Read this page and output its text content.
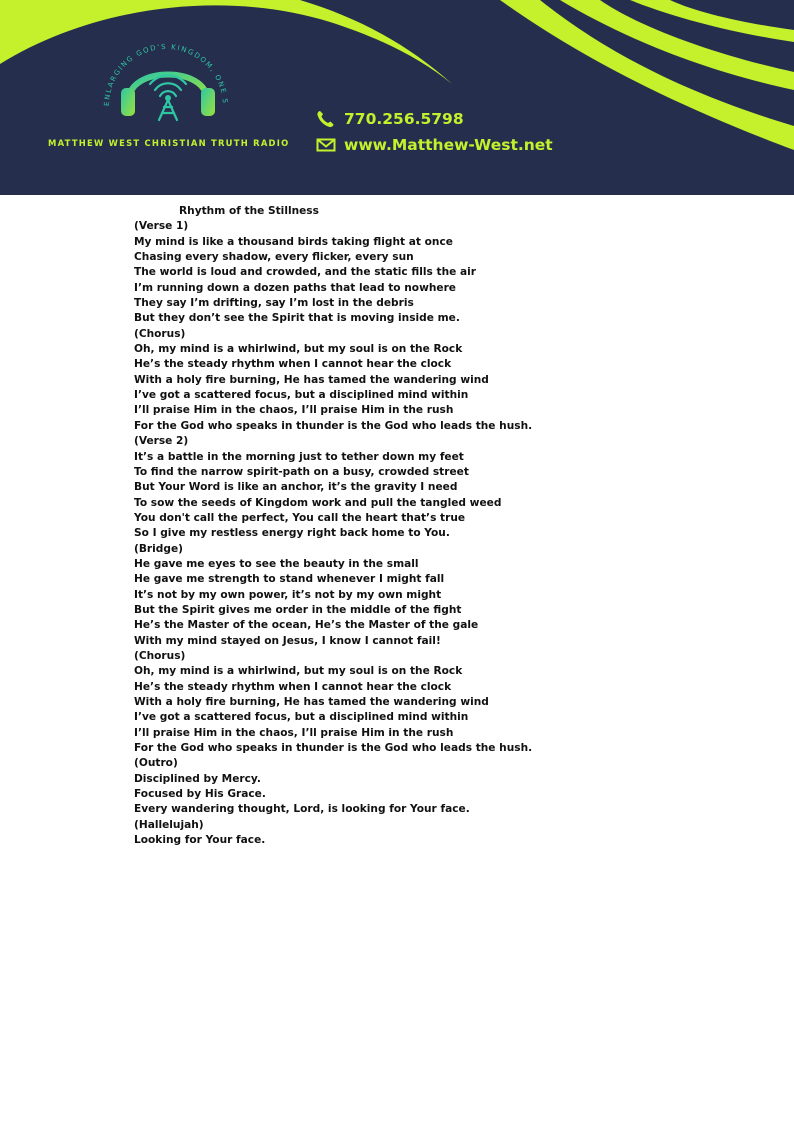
ENLARGING GOD'S KINGDOM, ONE S
MATTHEW WEST CHRISTIAN TRUTH RADIO
770.256.5798
www.Matthew-West.net
Rhythm of the Stillness
(Verse 1)
My mind is like a thousand birds taking flight at once
Chasing every shadow, every flicker, every sun
The world is loud and crowded, and the static fills the air
I’m running down a dozen paths that lead to nowhere
They say I’m drifting, say I’m lost in the debris
But they don’t see the Spirit that is moving inside me.
(Chorus)
Oh, my mind is a whirlwind, but my soul is on the Rock
He’s the steady rhythm when I cannot hear the clock
With a holy fire burning, He has tamed the wandering wind
I’ve got a scattered focus, but a disciplined mind within
I’ll praise Him in the chaos, I’ll praise Him in the rush
For the God who speaks in thunder is the God who leads the hush.
(Verse 2)
It’s a battle in the morning just to tether down my feet
To find the narrow spirit-path on a busy, crowded street
But Your Word is like an anchor, it’s the gravity I need
To sow the seeds of Kingdom work and pull the tangled weed
You don't call the perfect, You call the heart that’s true
So I give my restless energy right back home to You.
(Bridge)
He gave me eyes to see the beauty in the small
He gave me strength to stand whenever I might fall
It’s not by my own power, it’s not by my own might
But the Spirit gives me order in the middle of the fight
He’s the Master of the ocean, He’s the Master of the gale
With my mind stayed on Jesus, I know I cannot fail!
(Chorus)
Oh, my mind is a whirlwind, but my soul is on the Rock
He’s the steady rhythm when I cannot hear the clock
With a holy fire burning, He has tamed the wandering wind
I’ve got a scattered focus, but a disciplined mind within
I’ll praise Him in the chaos, I’ll praise Him in the rush
For the God who speaks in thunder is the God who leads the hush.
(Outro)
Disciplined by Mercy.
Focused by His Grace.
Every wandering thought, Lord, is looking for Your face.
(Hallelujah)
Looking for Your face.
